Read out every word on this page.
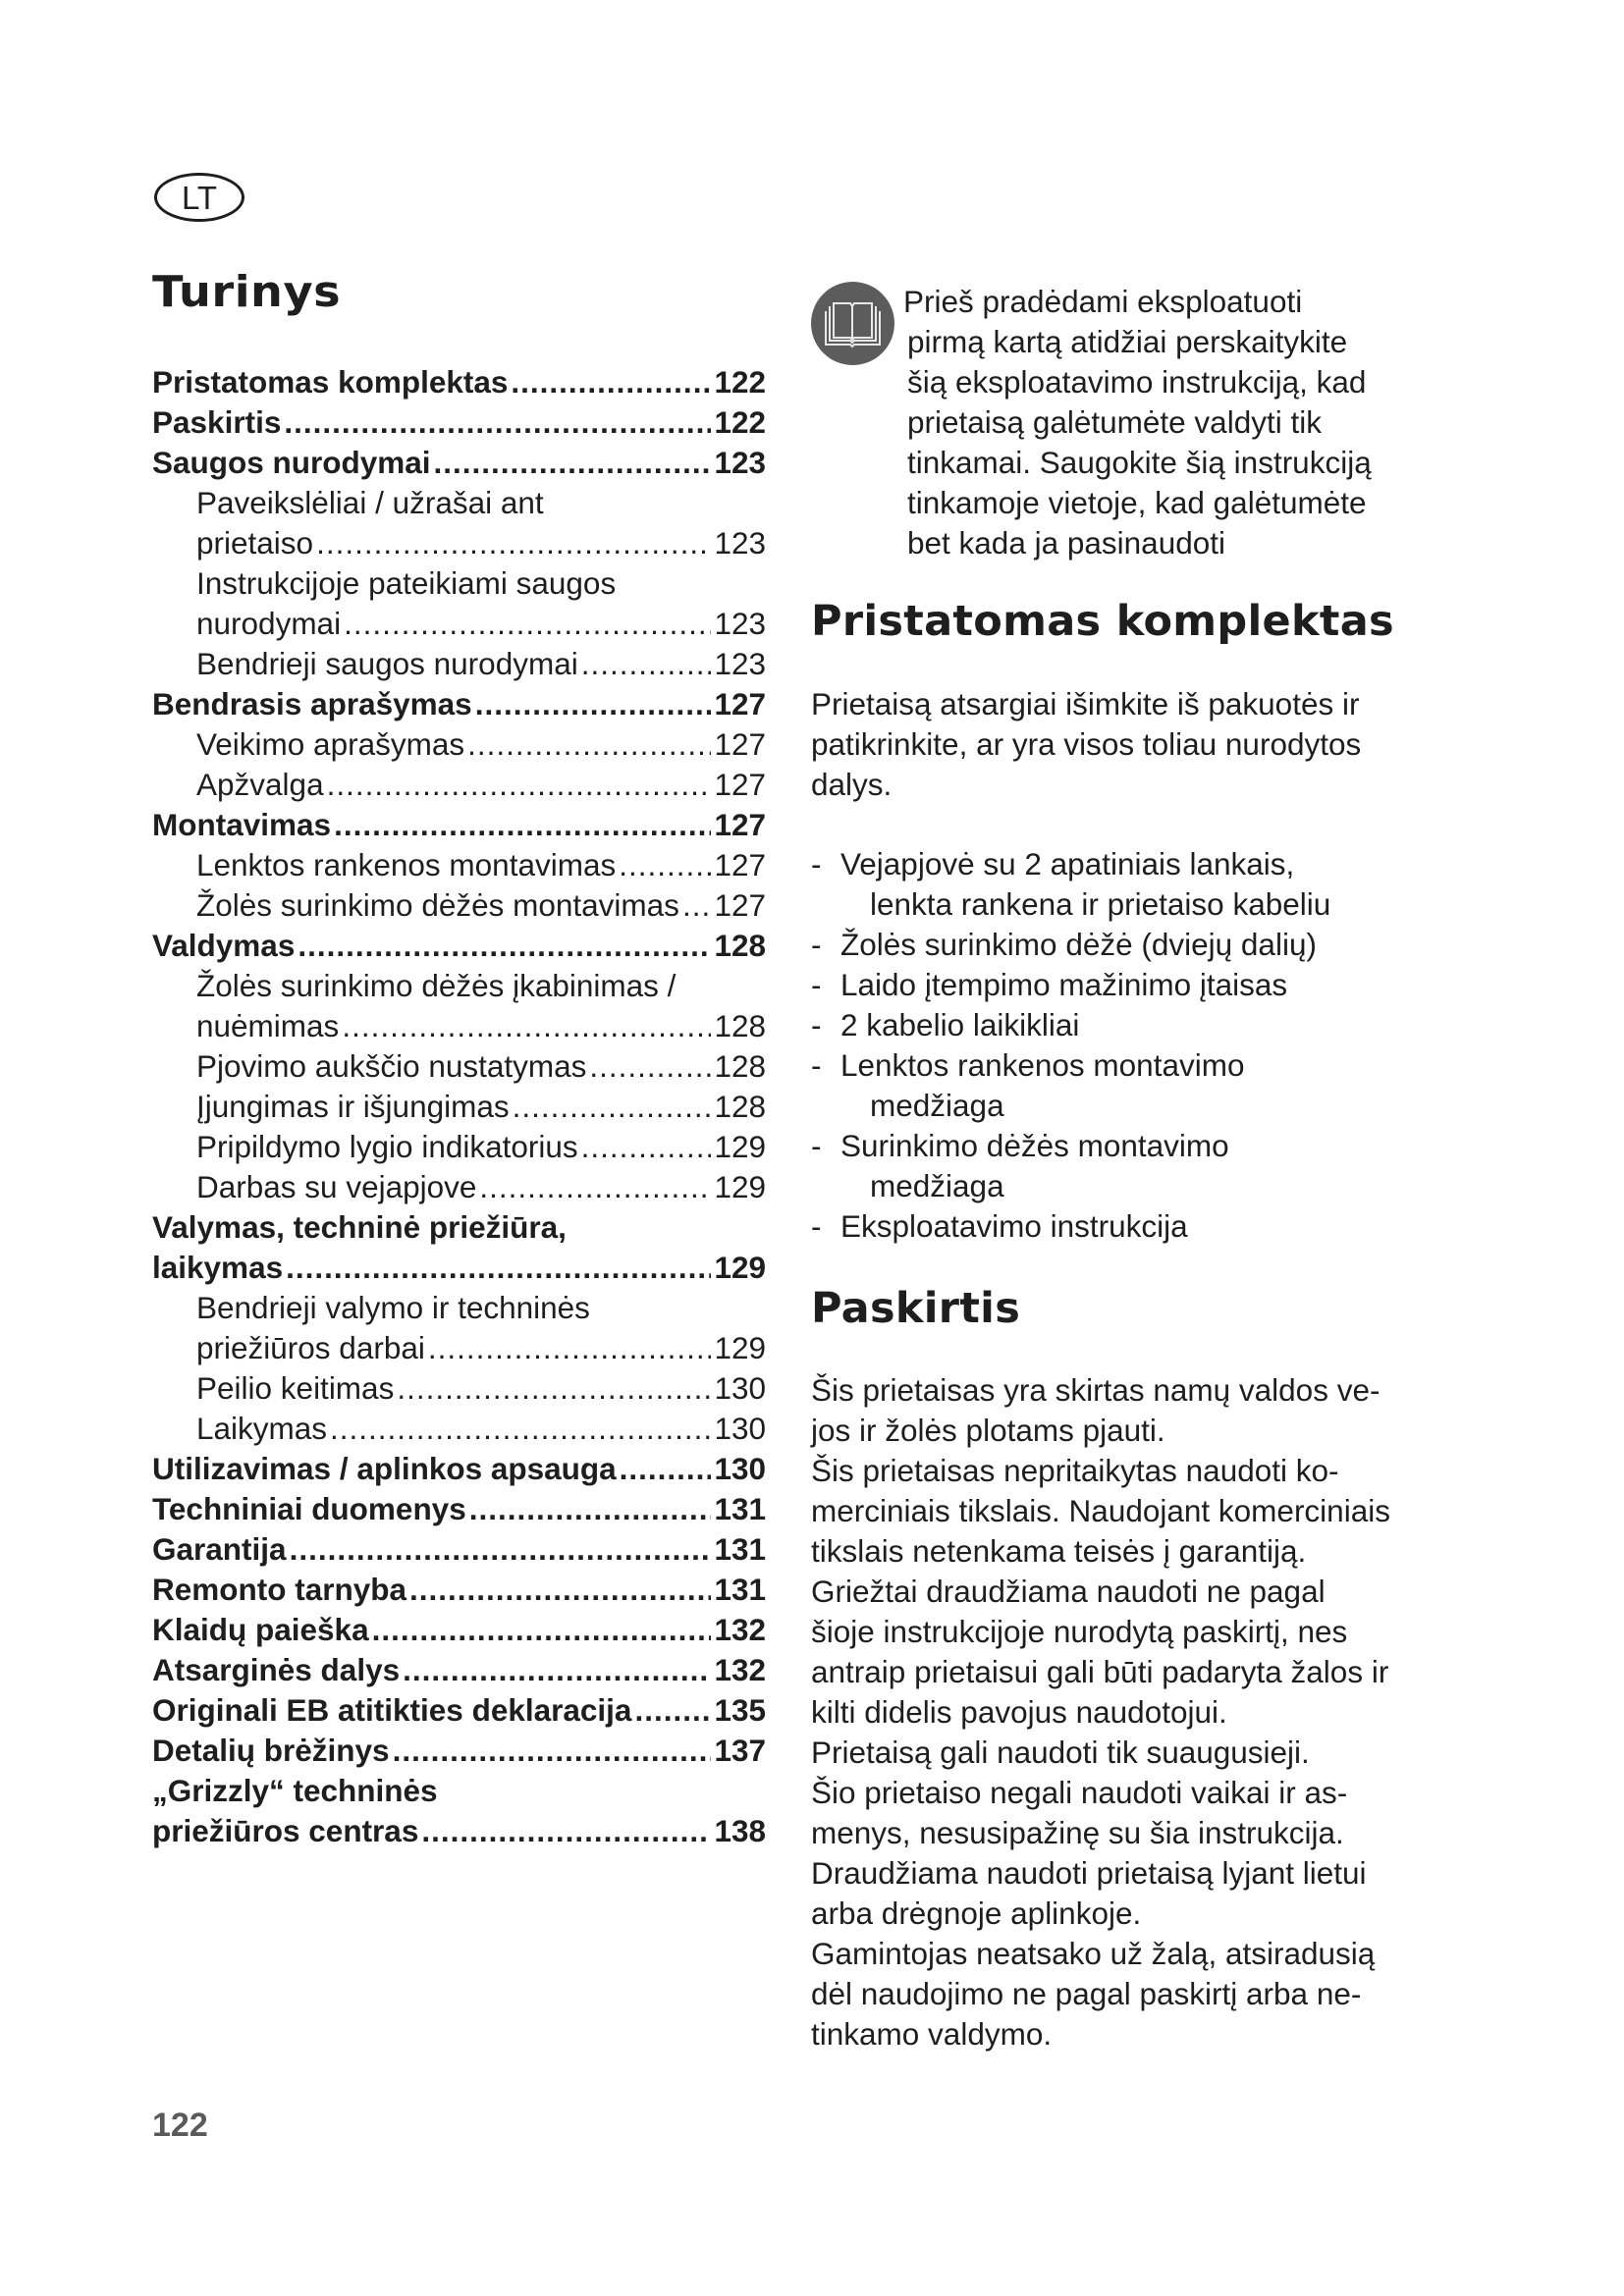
LT
Turinys
Pristatomas komplektas .....	122
Paskirtis .....	122
Saugos nurodymai .....	123
Paveikslėliai / užrašai ant
prietaiso .....	123
Instrukcijoje pateikiami saugos
nurodymai .....	123
Bendrieji saugos nurodymai .....	123
Bendrasis aprašymas .....	127
Veikimo aprašymas .....	127
Apžvalga .....	127
Montavimas .....	127
Lenktos rankenos montavimas .....	127
Žolės surinkimo dėžės montavimas ..... 127
Valdymas .....	128
Žolės surinkimo dėžės įkabinimas /
nuėmimas .....	128
Pjovimo aukščio nustatymas .....	128
Įjungimas ir išjungimas .....	128
Pripildymo lygio indikatorius .....	129
Darbas su vejapjove .....	129
Valymas, techninė priežiūra,
laikymas .....	129
Bendrieji valymo ir techninės
priežiūros darbai .....	129
Peilio keitimas .....	130
Laikymas .....	130
Utilizavimas / aplinkos apsauga .....	130
Techniniai duomenys .....	131
Garantija .....	131
Remonto tarnyba .....	131
Klaidų paieška .....	132
Atsarginės dalys .....	132
Originali EB atitikties deklaracija .....	135
Detalių brėžinys .....	137
„Grizzly“ techninės
priežiūros centras .....	138

Prieš pradėdami eksploatuoti
pirmą kartą atidžiai perskaitykite
šią eksploatavimo instrukciją, kad
prietaisą galėtumėte valdyti tik
tinkamai. Saugokite šią instrukciją
tinkamoje vietoje, kad galėtumėte
bet kada ja pasinaudoti

Pristatomas komplektas

Prietaisą atsargiai išimkite iš pakuotės ir
patikrinkite, ar yra visos toliau nurodytos
dalys.

- Vejapjovė su 2 apatiniais lankais,
lenkta rankena ir prietaiso kabeliu
- Žolės surinkimo dėžė (dviejų dalių)
- Laido įtempimo mažinimo įtaisas
- 2 kabelio laikikliai
- Lenktos rankenos montavimo
medžiaga
- Surinkimo dėžės montavimo
medžiaga
- Eksploatavimo instrukcija
Paskirtis

Šis prietaisas yra skirtas namų valdos ve-
jos ir žolės plotams pjauti.
Šis prietaisas nepritaikytas naudoti ko-
merciniais tikslais. Naudojant komerciniais
tikslais netenkama teisės į garantiją.
Griežtai draudžiama naudoti ne pagal
šioje instrukcijoje nurodytą paskirtį, nes
antraip prietaisui gali būti padaryta žalos ir
kilti didelis pavojus naudotojui.
Prietaisą gali naudoti tik suaugusieji.
Šio prietaiso negali naudoti vaikai ir as-
menys, nesusipažinę su šia instrukcija.
Draudžiama naudoti prietaisą lyjant lietui
arba drėgnoje aplinkoje.
Gamintojas neatsako už žalą, atsiradusią
dėl naudojimo ne pagal paskirtį arba ne-
tinkamo valdymo.

122
